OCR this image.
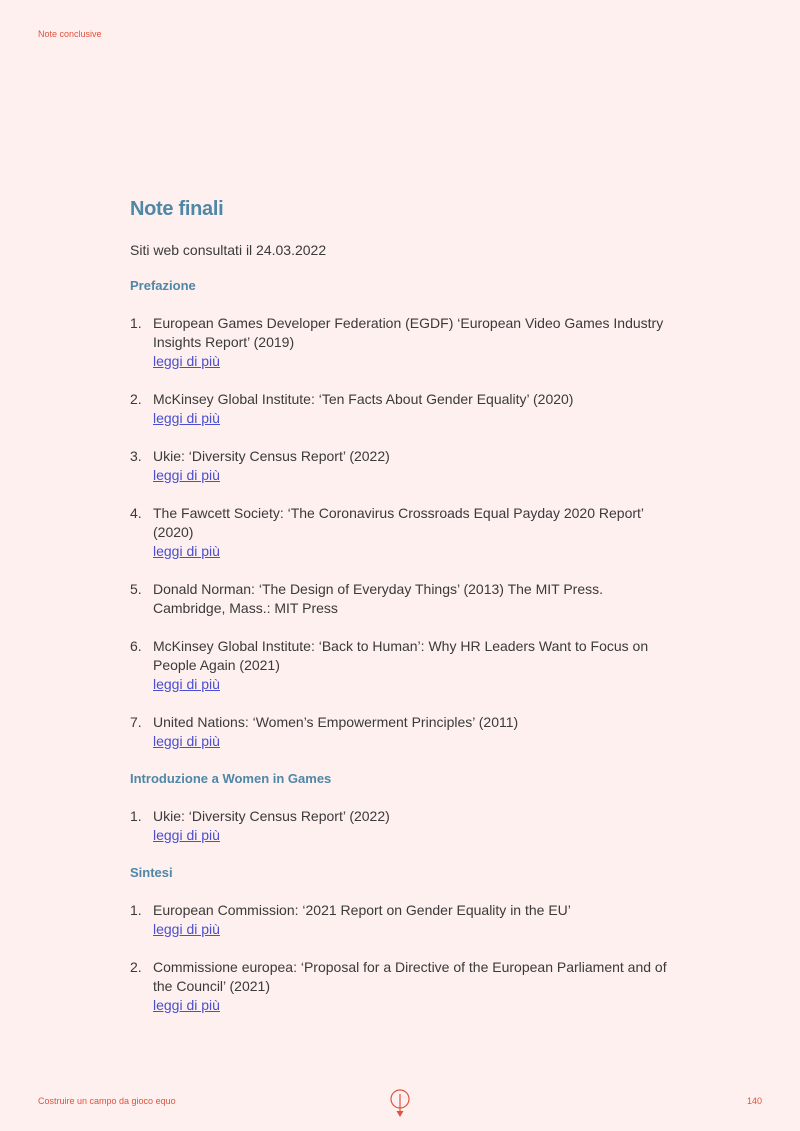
Note conclusive
Note finali

Siti web consultati il 24.03.2022

Prefazione
1. European Games Developer Federation (EGDF) ‘European Video Games Industry Insights Report’ (2019)
leggi di più
2. McKinsey Global Institute: ‘Ten Facts About Gender Equality’ (2020)
leggi di più
3. Ukie: ‘Diversity Census Report’ (2022)
leggi di più
4. The Fawcett Society: ‘The Coronavirus Crossroads Equal Payday 2020 Report’ (2020)
leggi di più
5. Donald Norman: ‘The Design of Everyday Things’ (2013) The MIT Press. Cambridge, Mass.: MIT Press
6. McKinsey Global Institute: ‘Back to Human’: Why HR Leaders Want to Focus on People Again (2021)
leggi di più
7. United Nations: ‘Women’s Empowerment Principles’ (2011)
leggi di più
Introduzione a Women in Games
1. Ukie: ‘Diversity Census Report’ (2022)
leggi di più
Sintesi
1. European Commission: ‘2021 Report on Gender Equality in the EU’
leggi di più
2. Commissione europea: ‘Proposal for a Directive of the European Parliament and of the Council’ (2021)
leggi di più
Costruire un campo da gioco equo	140
